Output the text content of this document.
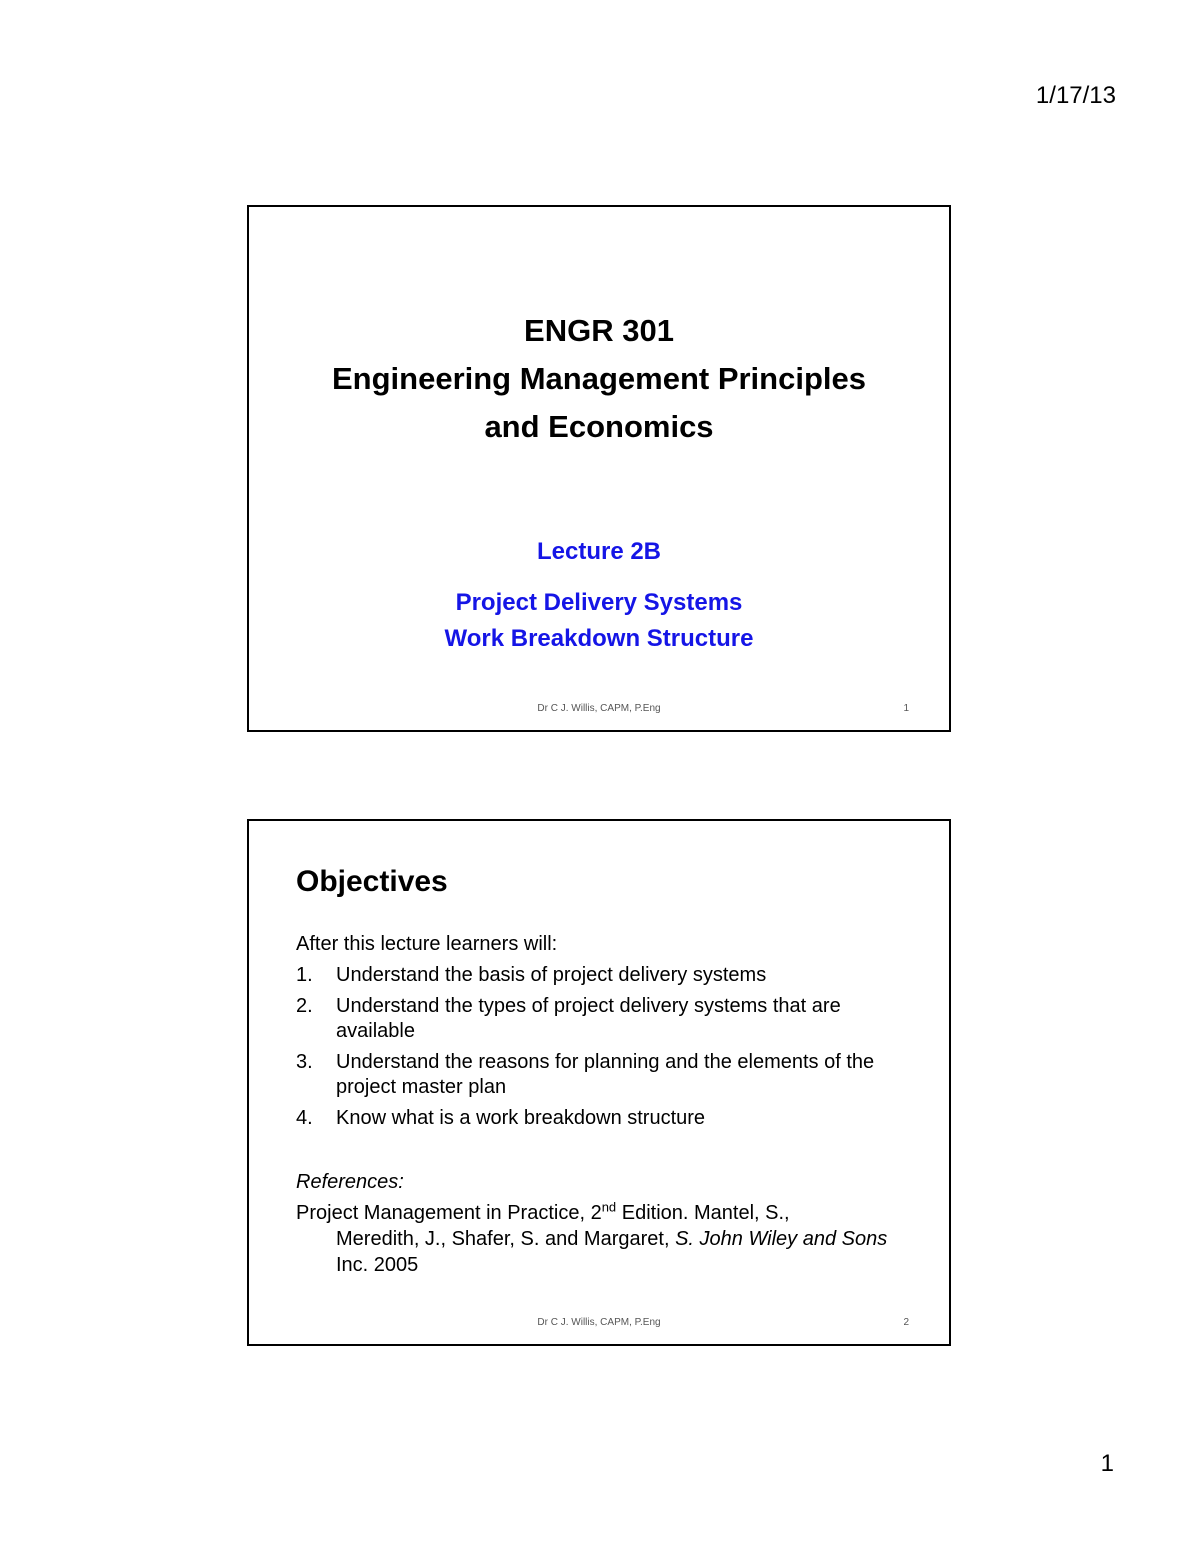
1/17/13
ENGR 301
Engineering Management Principles
and Economics
Lecture 2B
Project Delivery Systems
Work Breakdown Structure
Dr C J. Willis, CAPM, P.Eng	1
Objectives
After this lecture learners will:
1.	Understand the basis of project delivery systems
2.	Understand the types of project delivery systems that are available
3.	Understand the reasons for planning and the elements of the project master plan
4.	Know what is a work breakdown structure
References:
Project Management in Practice, 2nd Edition. Mantel, S.,
Meredith, J., Shafer, S. and Margaret, S. John Wiley and Sons
Inc. 2005
Dr C J. Willis, CAPM, P.Eng	2
1
